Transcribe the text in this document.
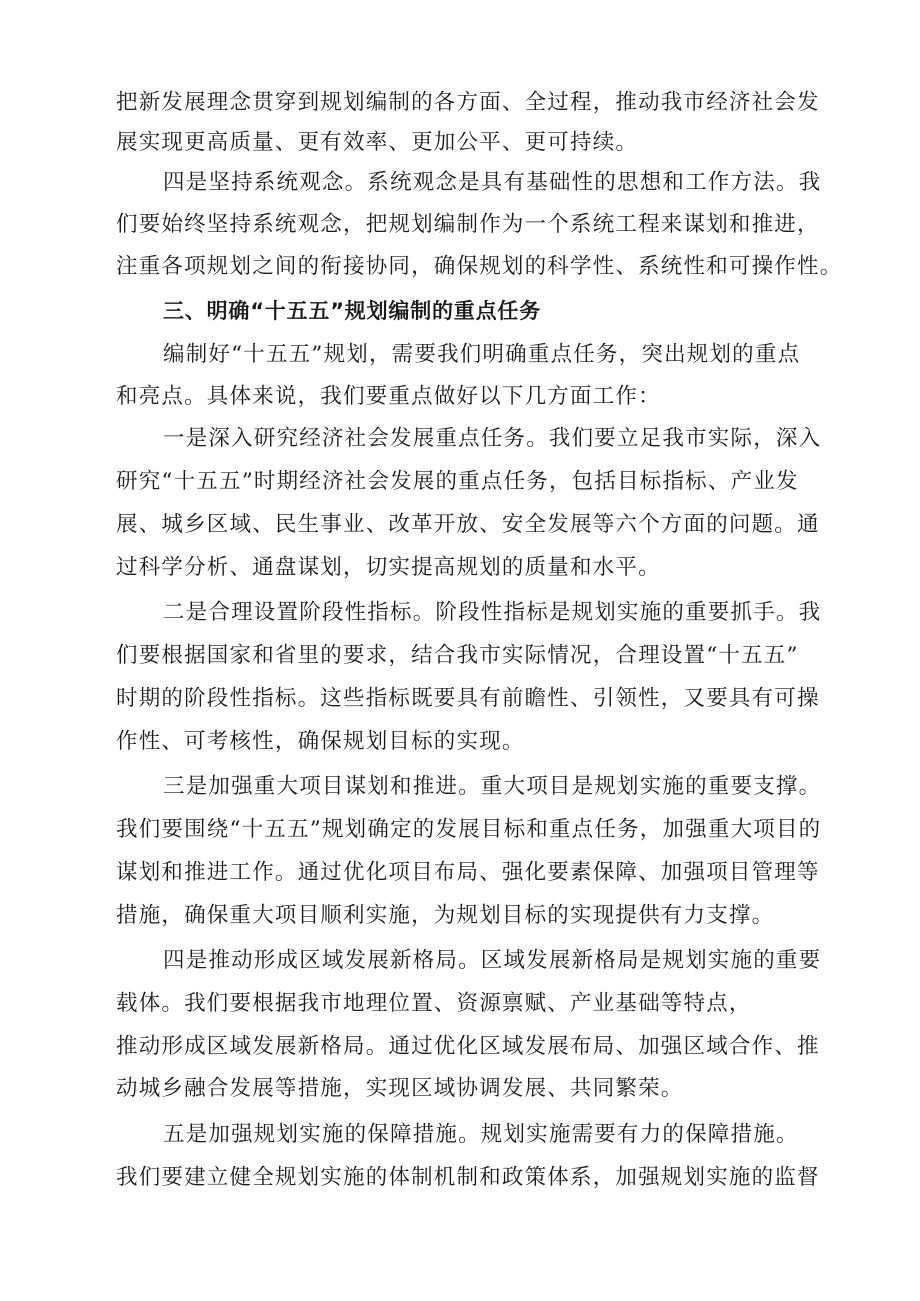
把新发展理念贯穿到规划编制的各方面、全过程，推动我市经济社会发

展实现更高质量、更有效率、更加公平、更可持续。

四是坚持系统观念。系统观念是具有基础性的思想和工作方法。我

们要始终坚持系统观念，把规划编制作为一个系统工程来谋划和推进，

注重各项规划之间的衔接协同，确保规划的科学性、系统性和可操作性。

三、明确“十五五”规划编制的重点任务

编制好“十五五”规划，需要我们明确重点任务，突出规划的重点

和亮点。具体来说，我们要重点做好以下几方面工作：

一是深入研究经济社会发展重点任务。我们要立足我市实际，深入

研究“十五五”时期经济社会发展的重点任务，包括目标指标、产业发

展、城乡区域、民生事业、改革开放、安全发展等六个方面的问题。通

过科学分析、通盘谋划，切实提高规划的质量和水平。

二是合理设置阶段性指标。阶段性指标是规划实施的重要抓手。我

们要根据国家和省里的要求，结合我市实际情况，合理设置“十五五”

时期的阶段性指标。这些指标既要具有前瞻性、引领性，又要具有可操

作性、可考核性，确保规划目标的实现。

三是加强重大项目谋划和推进。重大项目是规划实施的重要支撑。

我们要围绕“十五五”规划确定的发展目标和重点任务，加强重大项目的

谋划和推进工作。通过优化项目布局、强化要素保障、加强项目管理等

措施，确保重大项目顺利实施，为规划目标的实现提供有力支撑。

四是推动形成区域发展新格局。区域发展新格局是规划实施的重要

载体。我们要根据我市地理位置、资源禀赋、产业基础等特点，

推动形成区域发展新格局。通过优化区域发展布局、加强区域合作、推

动城乡融合发展等措施，实现区域协调发展、共同繁荣。

五是加强规划实施的保障措施。规划实施需要有力的保障措施。

我们要建立健全规划实施的体制机制和政策体系，加强规划实施的监督
